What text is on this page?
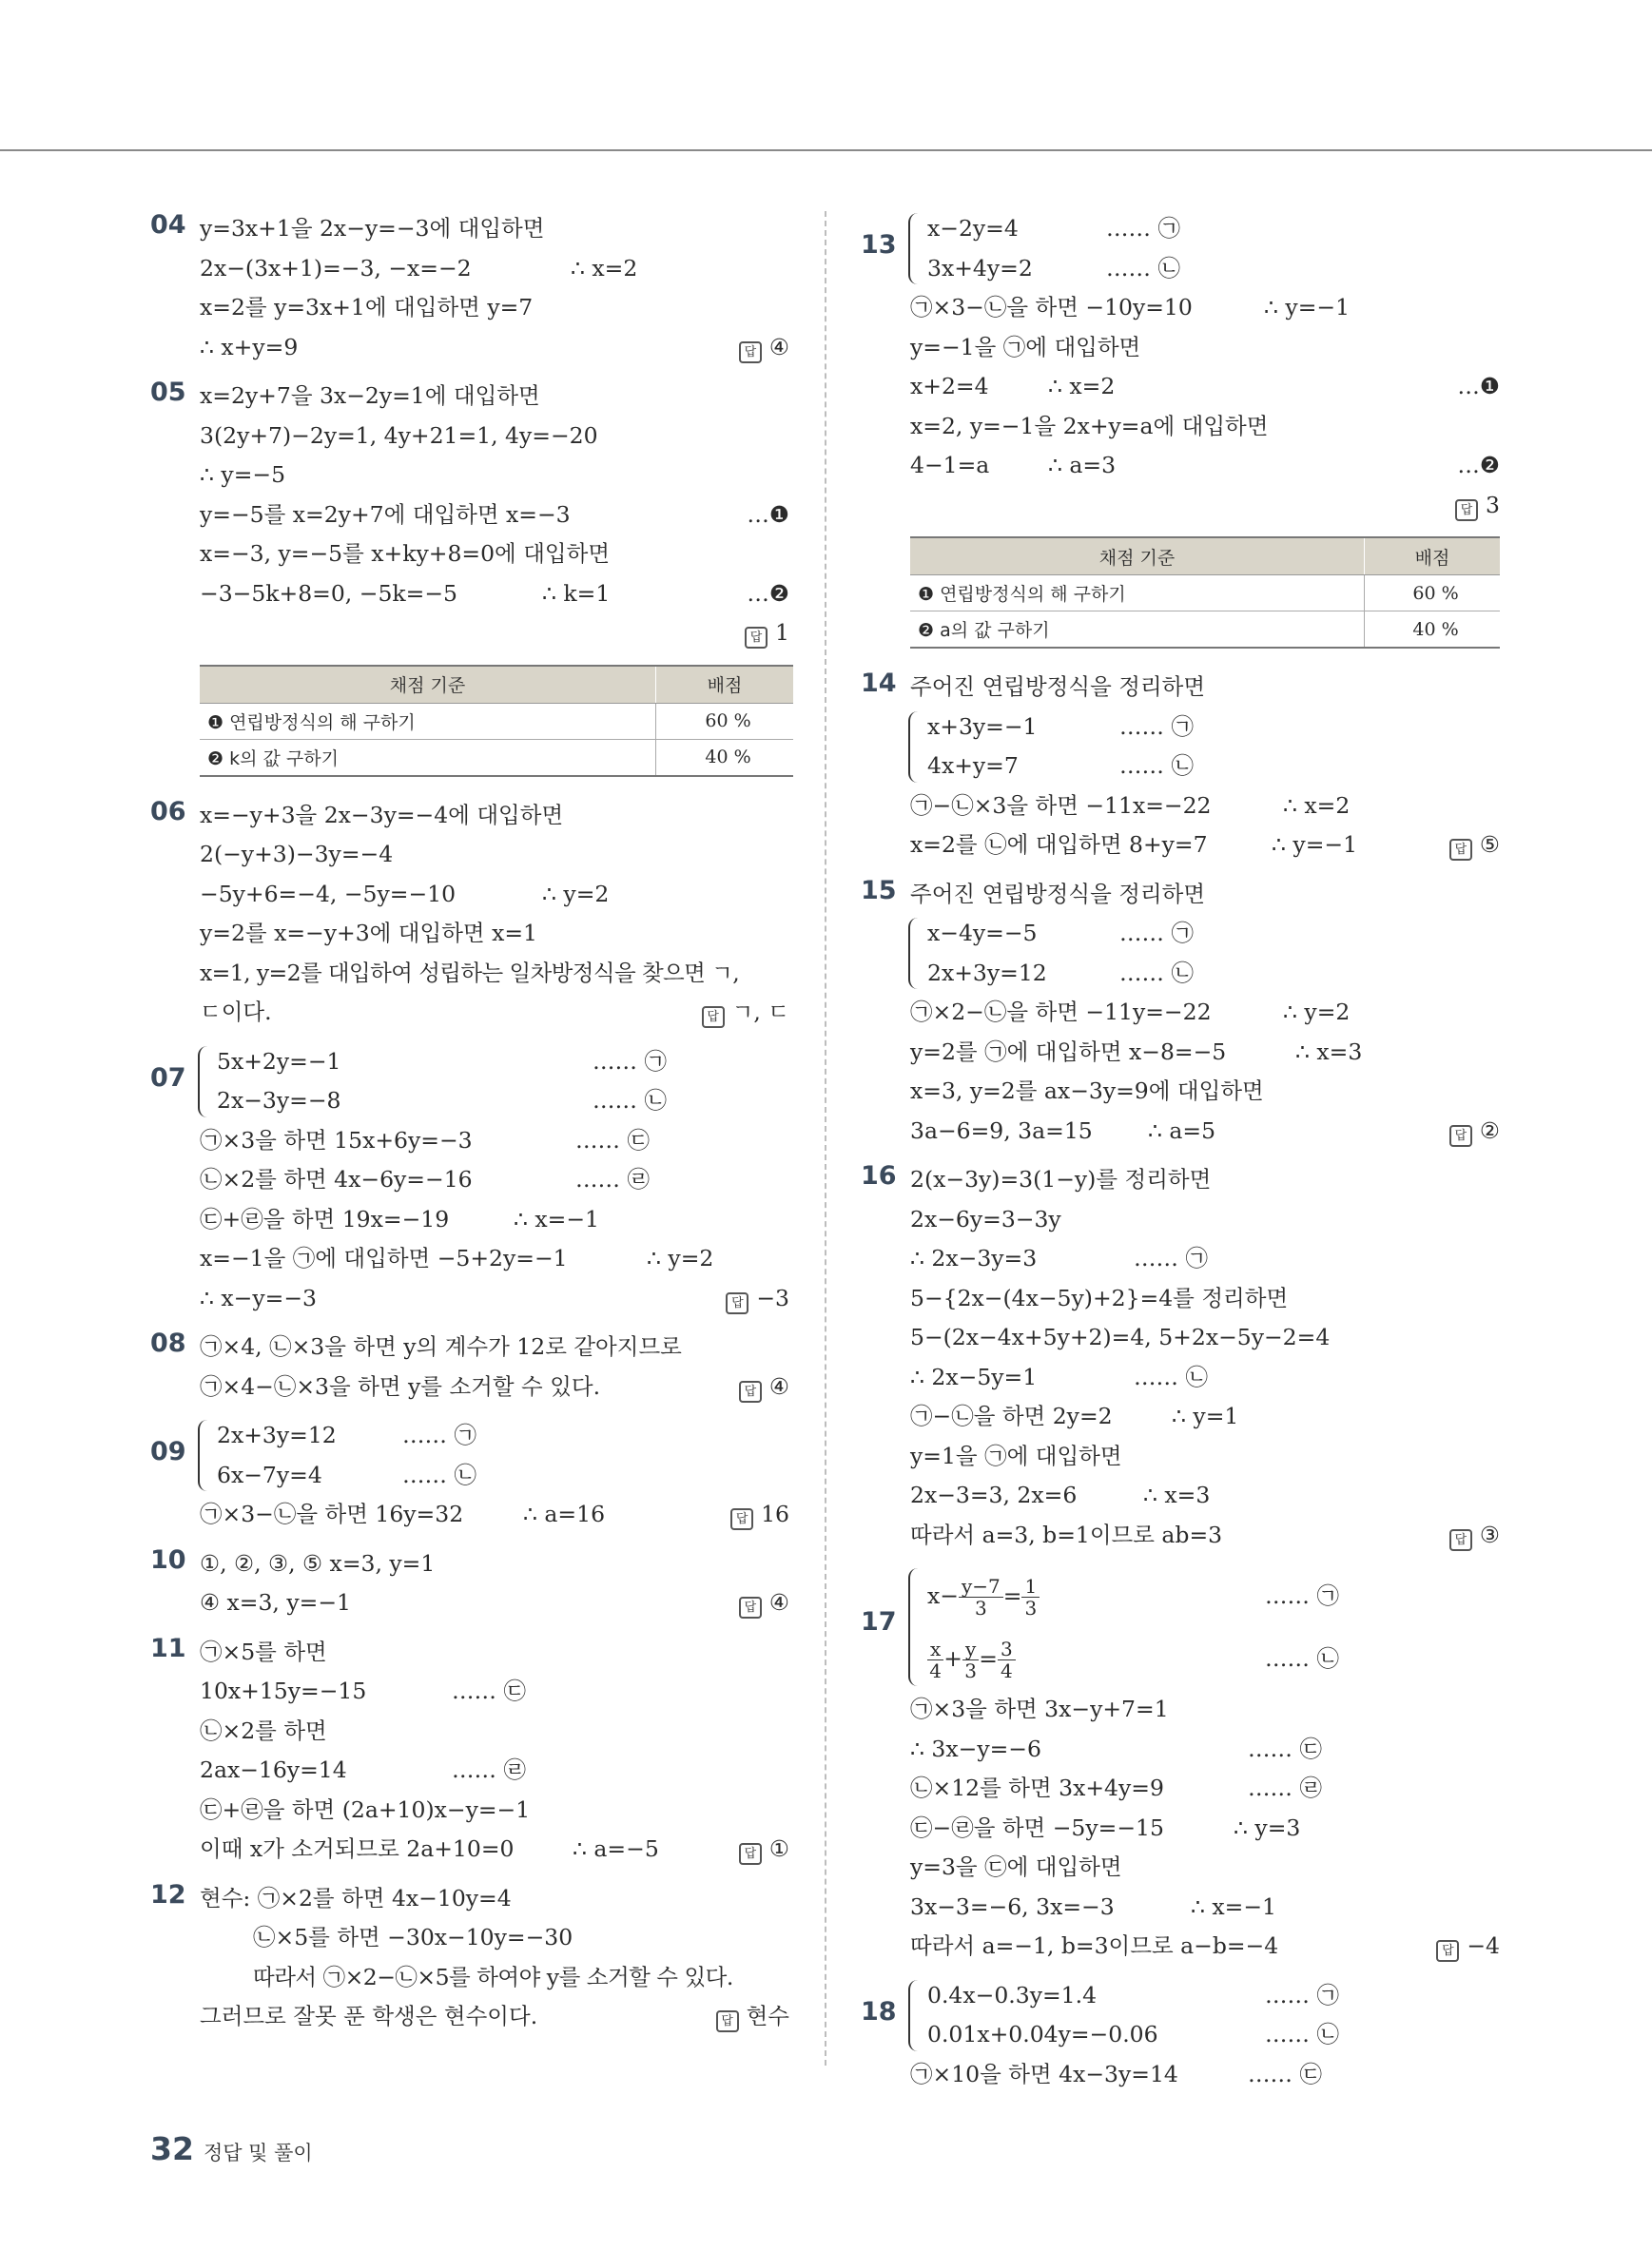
04 y=3x+1을 2x−y=−3에 대입하면
2x−(3x+1)=−3, −x=−2	∴ x=2
x=2를 y=3x+1에 대입하면 y=7
∴ x+y=9	답 ④
05 x=2y+7을 3x−2y=1에 대입하면
3(2y+7)−2y=1, 4y+21=1, 4y=−20
∴ y=−5
y=−5를 x=2y+7에 대입하면 x=−3	…❶
x=−3, y=−5를 x+ky+8=0에 대입하면
−3−5k+8=0, −5k=−5	∴ k=1	…❷
답 1
채점 기준	배점
❶ 연립방정식의 해 구하기	60 %
❷ k의 값 구하기	40 %
06 x=−y+3을 2x−3y=−4에 대입하면
2(−y+3)−3y=−4
−5y+6=−4, −5y=−10	∴ y=2
y=2를 x=−y+3에 대입하면 x=1
x=1, y=2를 대입하여 성립하는 일차방정식을 찾으면 ㄱ,
ㄷ이다.	답 ㄱ, ㄷ
07
5x+2y=−1	…… ㉠
2x−3y=−8	…… ㉡
㉠×3을 하면 15x+6y=−3	…… ㉢
㉡×2를 하면 4x−6y=−16	…… ㉣
㉢+㉣을 하면 19x=−19	∴ x=−1
x=−1을 ㉠에 대입하면 −5+2y=−1	∴ y=2
∴ x−y=−3	답 −3
08 ㉠×4, ㉡×3을 하면 y의 계수가 12로 같아지므로
㉠×4−㉡×3을 하면 y를 소거할 수 있다.	답 ④
09
2x+3y=12	…… ㉠
6x−7y=4	…… ㉡
㉠×3−㉡을 하면 16y=32	∴ a=16	답 16
10 ①, ②, ③, ⑤ x=3, y=1
④ x=3, y=−1	답 ④
11 ㉠×5를 하면
10x+15y=−15	…… ㉢
㉡×2를 하면
2ax−16y=14	…… ㉣
㉢+㉣을 하면 (2a+10)x−y=−1
이때 x가 소거되므로 2a+10=0	∴ a=−5	답 ①
12 현수: ㉠×2를 하면 4x−10y=4
㉡×5를 하면 −30x−10y=−30
따라서 ㉠×2−㉡×5를 하여야 y를 소거할 수 있다.
그러므로 잘못 푼 학생은 현수이다.	답 현수
13
x−2y=4	…… ㉠
3x+4y=2	…… ㉡
㉠×3−㉡을 하면 −10y=10	∴ y=−1
y=−1을 ㉠에 대입하면
x+2=4	∴ x=2	…❶
x=2, y=−1을 2x+y=a에 대입하면
4−1=a	∴ a=3	…❷
답 3
채점 기준	배점
❶ 연립방정식의 해 구하기	60 %
❷ a의 값 구하기	40 %
14 주어진 연립방정식을 정리하면
x+3y=−1	…… ㉠
4x+y=7	…… ㉡
㉠−㉡×3을 하면 −11x=−22	∴ x=2
x=2를 ㉡에 대입하면 8+y=7	∴ y=−1	답 ⑤
15 주어진 연립방정식을 정리하면
x−4y=−5	…… ㉠
2x+3y=12	…… ㉡
㉠×2−㉡을 하면 −11y=−22	∴ y=2
y=2를 ㉠에 대입하면 x−8=−5	∴ x=3
x=3, y=2를 ax−3y=9에 대입하면
3a−6=9, 3a=15 ∴ a=5	답 ②
16 2(x−3y)=3(1−y)를 정리하면
2x−6y=3−3y
∴ 2x−3y=3	…… ㉠
5−{2x−(4x−5y)+2}=4를 정리하면
5−(2x−4x+5y+2)=4, 5+2x−5y−2=4
∴ 2x−5y=1	…… ㉡
㉠−㉡을 하면 2y=2	∴ y=1
y=1을 ㉠에 대입하면
2x−3=3, 2x=6	∴ x=3
따라서 a=3, b=1이므로 ab=3	답 ③
17
$x- \frac{y-7}{3} = \frac{1}{3}$	…… ㉠
$\frac{x}{4} + \frac{y}{3} = \frac{3}{4}$	…… ㉡
㉠×3을 하면 3x−y+7=1
∴ 3x−y=−6	…… ㉢
㉡×12를 하면 3x+4y=9	…… ㉣
㉢−㉣을 하면 −5y=−15	∴ y=3
y=3을 ㉢에 대입하면
3x−3=−6, 3x=−3	∴ x=−1
따라서 a=−1, b=3이므로 a−b=−4	답 −4
18
0.4x−0.3y=1.4	…… ㉠
0.01x+0.04y=−0.06	…… ㉡
㉠×10을 하면 4x−3y=14	…… ㉢
32 정답 및 풀이
